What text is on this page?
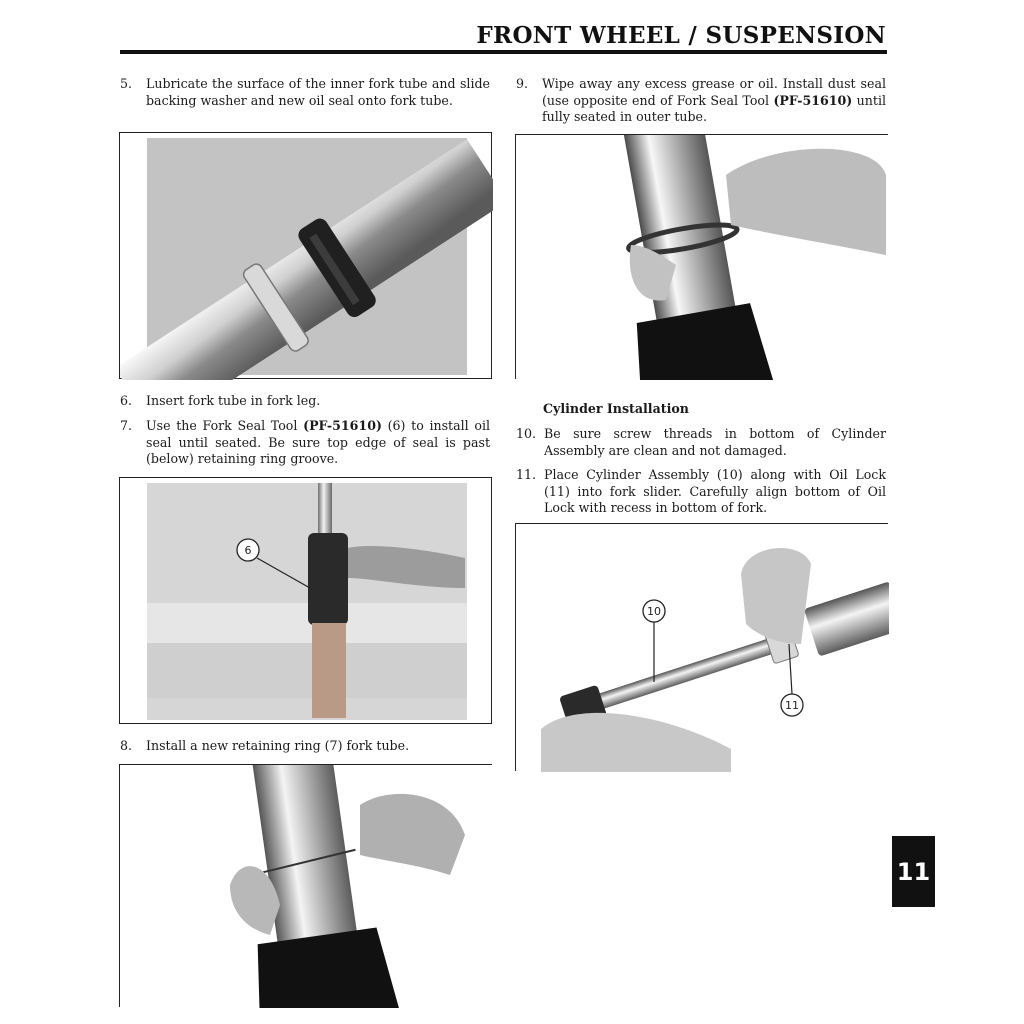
FRONT WHEEL / SUSPENSION
5. Lubricate the surface of the inner fork tube and slide backing washer and new oil seal onto fork tube.
6. Insert fork tube in fork leg.
7. Use the Fork Seal Tool (PF-51610) (6) to install oil seal until seated. Be sure top edge of seal is past (below) retaining ring groove.
6
8. Install a new retaining ring (7) fork tube.
9. Wipe away any excess grease or oil. Install dust seal (use opposite end of Fork Seal Tool (PF-51610) until fully seated in outer tube.
Cylinder Installation
10. Be sure screw threads in bottom of Cylinder Assembly are clean and not damaged.
11. Place Cylinder Assembly (10) along with Oil Lock (11) into fork slider. Carefully align bottom of Oil Lock with recess in bottom of fork.
10
11
11
